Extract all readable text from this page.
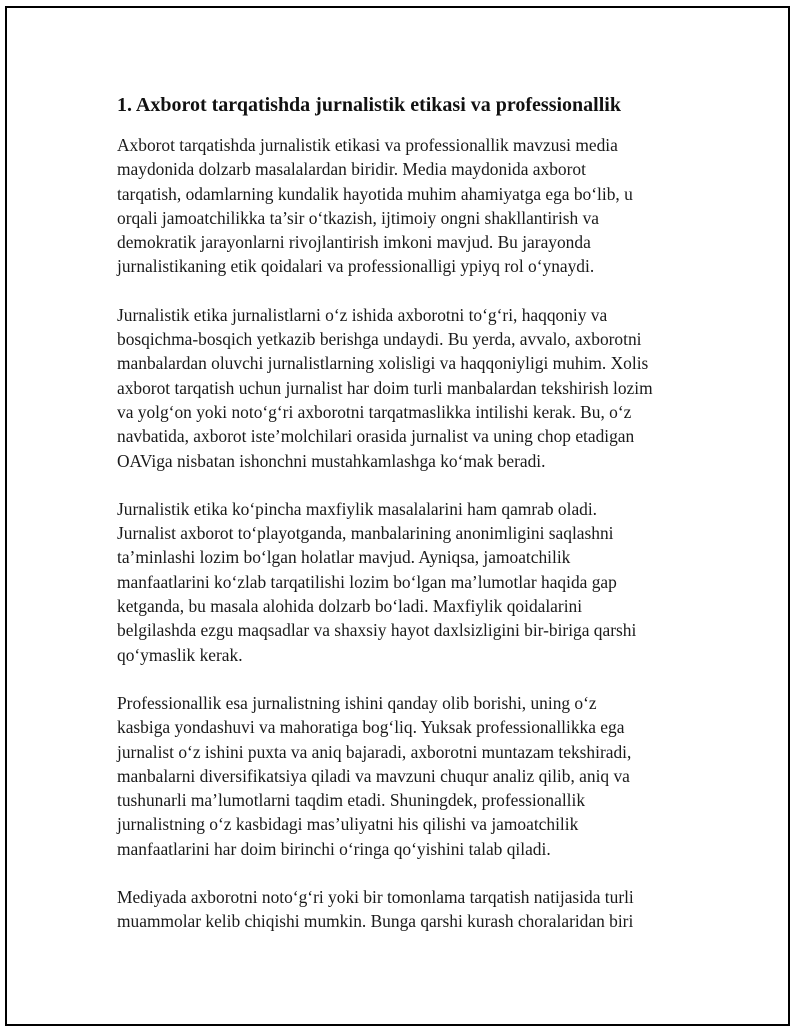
1. Axborot tarqatishda jurnalistik etikasi va professionallik

Axborot tarqatishda jurnalistik etikasi va professionallik mavzusi media
maydonida dolzarb masalalardan biridir. Media maydonida axborot
tarqatish, odamlarning kundalik hayotida muhim ahamiyatga ega bo‘lib, u
orqali jamoatchilikka ta’sir o‘tkazish, ijtimoiy ongni shakllantirish va
demokratik jarayonlarni rivojlantirish imkoni mavjud. Bu jarayonda
jurnalistikaning etik qoidalari va professionalligi ypiyq rol o‘ynaydi.

Jurnalistik etika jurnalistlarni o‘z ishida axborotni to‘g‘ri, haqqoniy va
bosqichma-bosqich yetkazib berishga undaydi. Bu yerda, avvalo, axborotni
manbalardan oluvchi jurnalistlarning xolisligi va haqqoniyligi muhim. Xolis
axborot tarqatish uchun jurnalist har doim turli manbalardan tekshirish lozim
va yolg‘on yoki noto‘g‘ri axborotni tarqatmaslikka intilishi kerak. Bu, o‘z
navbatida, axborot iste’molchilari orasida jurnalist va uning chop etadigan
OAViga nisbatan ishonchni mustahkamlashga ko‘mak beradi.

Jurnalistik etika ko‘pincha maxfiylik masalalarini ham qamrab oladi.
Jurnalist axborot to‘playotganda, manbalarining anonimligini saqlashni
ta’minlashi lozim bo‘lgan holatlar mavjud. Ayniqsa, jamoatchilik
manfaatlarini ko‘zlab tarqatilishi lozim bo‘lgan ma’lumotlar haqida gap
ketganda, bu masala alohida dolzarb bo‘ladi. Maxfiylik qoidalarini
belgilashda ezgu maqsadlar va shaxsiy hayot daxlsizligini bir-biriga qarshi
qo‘ymaslik kerak.

Professionallik esa jurnalistning ishini qanday olib borishi, uning o‘z
kasbiga yondashuvi va mahoratiga bog‘liq. Yuksak professionallikka ega
jurnalist o‘z ishini puxta va aniq bajaradi, axborotni muntazam tekshiradi,
manbalarni diversifikatsiya qiladi va mavzuni chuqur analiz qilib, aniq va
tushunarli ma’lumotlarni taqdim etadi. Shuningdek, professionallik
jurnalistning o‘z kasbidagi mas’uliyatni his qilishi va jamoatchilik
manfaatlarini har doim birinchi o‘ringa qo‘yishini talab qiladi.

Mediyada axborotni noto‘g‘ri yoki bir tomonlama tarqatish natijasida turli
muammolar kelib chiqishi mumkin. Bunga qarshi kurash choralaridan biri
